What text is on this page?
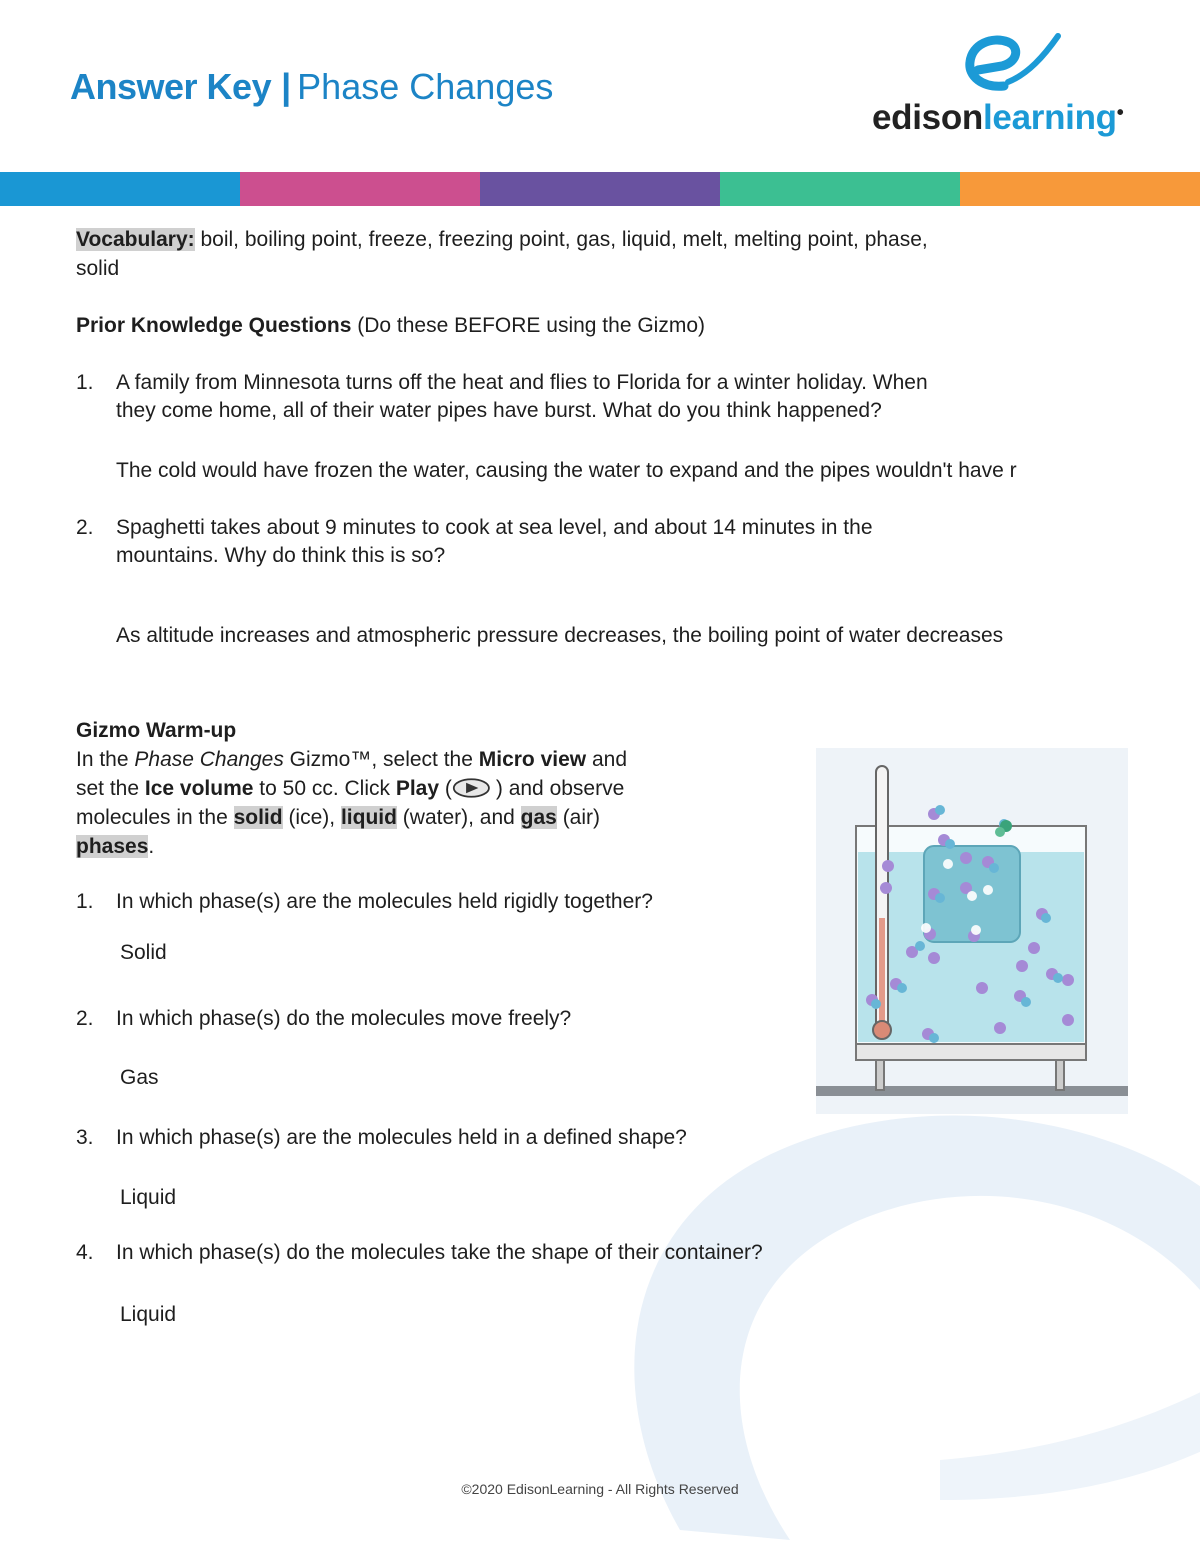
Answer Key | Phase Changes
edisonlearning•
Vocabulary: boil, boiling point, freeze, freezing point, gas, liquid, melt, melting point, phase,
solid
Prior Knowledge Questions (Do these BEFORE using the Gizmo)
1. A family from Minnesota turns off the heat and flies to Florida for a winter holiday. When
they come home, all of their water pipes have burst. What do you think happened?
The cold would have frozen the water, causing the water to expand and the pipes wouldn't have r
2. Spaghetti takes about 9 minutes to cook at sea level, and about 14 minutes in the
mountains. Why do think this is so?
As altitude increases and atmospheric pressure decreases, the boiling point of water decreases
Gizmo Warm-up
In the Phase Changes Gizmo™, select the Micro view and
set the Ice volume to 50 cc. Click Play ( ) and observe
molecules in the solid (ice), liquid (water), and gas (air)
phases.
1. In which phase(s) are the molecules held rigidly together?
Solid
2. In which phase(s) do the molecules move freely?
Gas
3. In which phase(s) are the molecules held in a defined shape?
Liquid
4. In which phase(s) do the molecules take the shape of their container?
Liquid
©2020 EdisonLearning - All Rights Reserved
